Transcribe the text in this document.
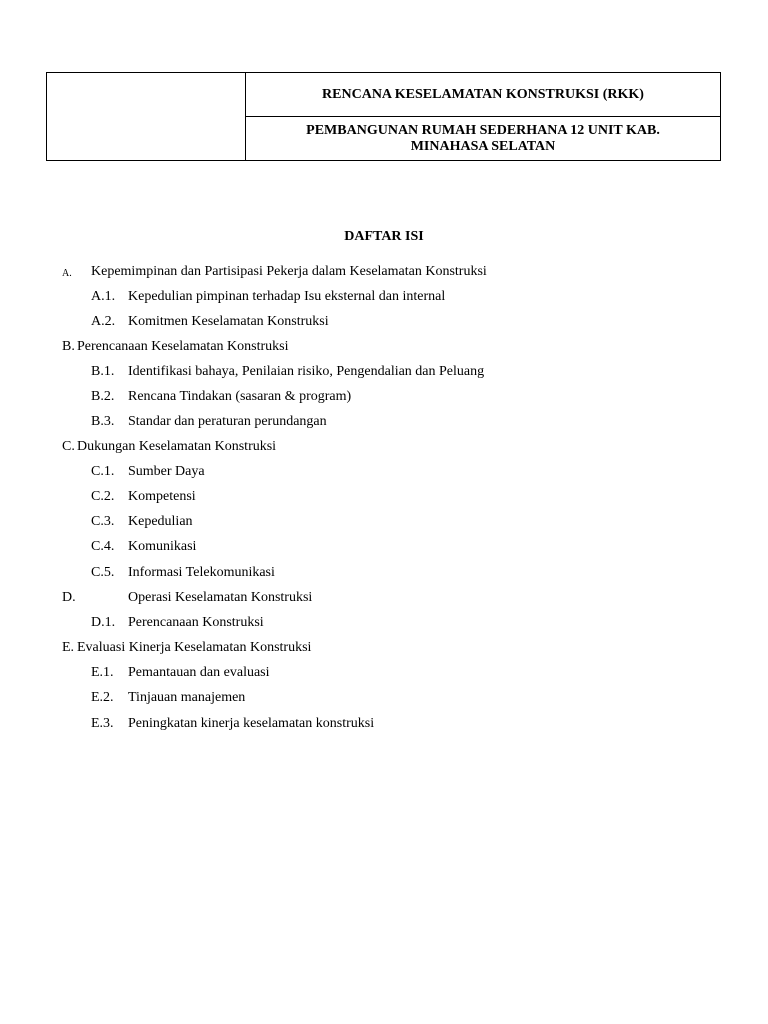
	RENCANA KESELAMATAN KONSTRUKSI (RKK)

PEMBANGUNAN RUMAH SEDERHANA 12 UNIT KAB.
MINAHASA SELATAN
DAFTAR ISI
A. Kepemimpinan dan Partisipasi Pekerja dalam Keselamatan Konstruksi
A.1. Kepedulian pimpinan terhadap Isu eksternal dan internal
A.2. Komitmen Keselamatan Konstruksi
B. Perencanaan Keselamatan Konstruksi
B.1. Identifikasi bahaya, Penilaian risiko, Pengendalian dan Peluang
B.2. Rencana Tindakan (sasaran & program)
B.3. Standar dan peraturan perundangan
C. Dukungan Keselamatan Konstruksi
C.1. Sumber Daya
C.2. Kompetensi
C.3. Kepedulian
C.4. Komunikasi
C.5. Informasi Telekomunikasi
D.	Operasi Keselamatan Konstruksi
D.1. Perencanaan Konstruksi
E. Evaluasi Kinerja Keselamatan Konstruksi
E.1. Pemantauan dan evaluasi
E.2. Tinjauan manajemen
E.3. Peningkatan kinerja keselamatan konstruksi
